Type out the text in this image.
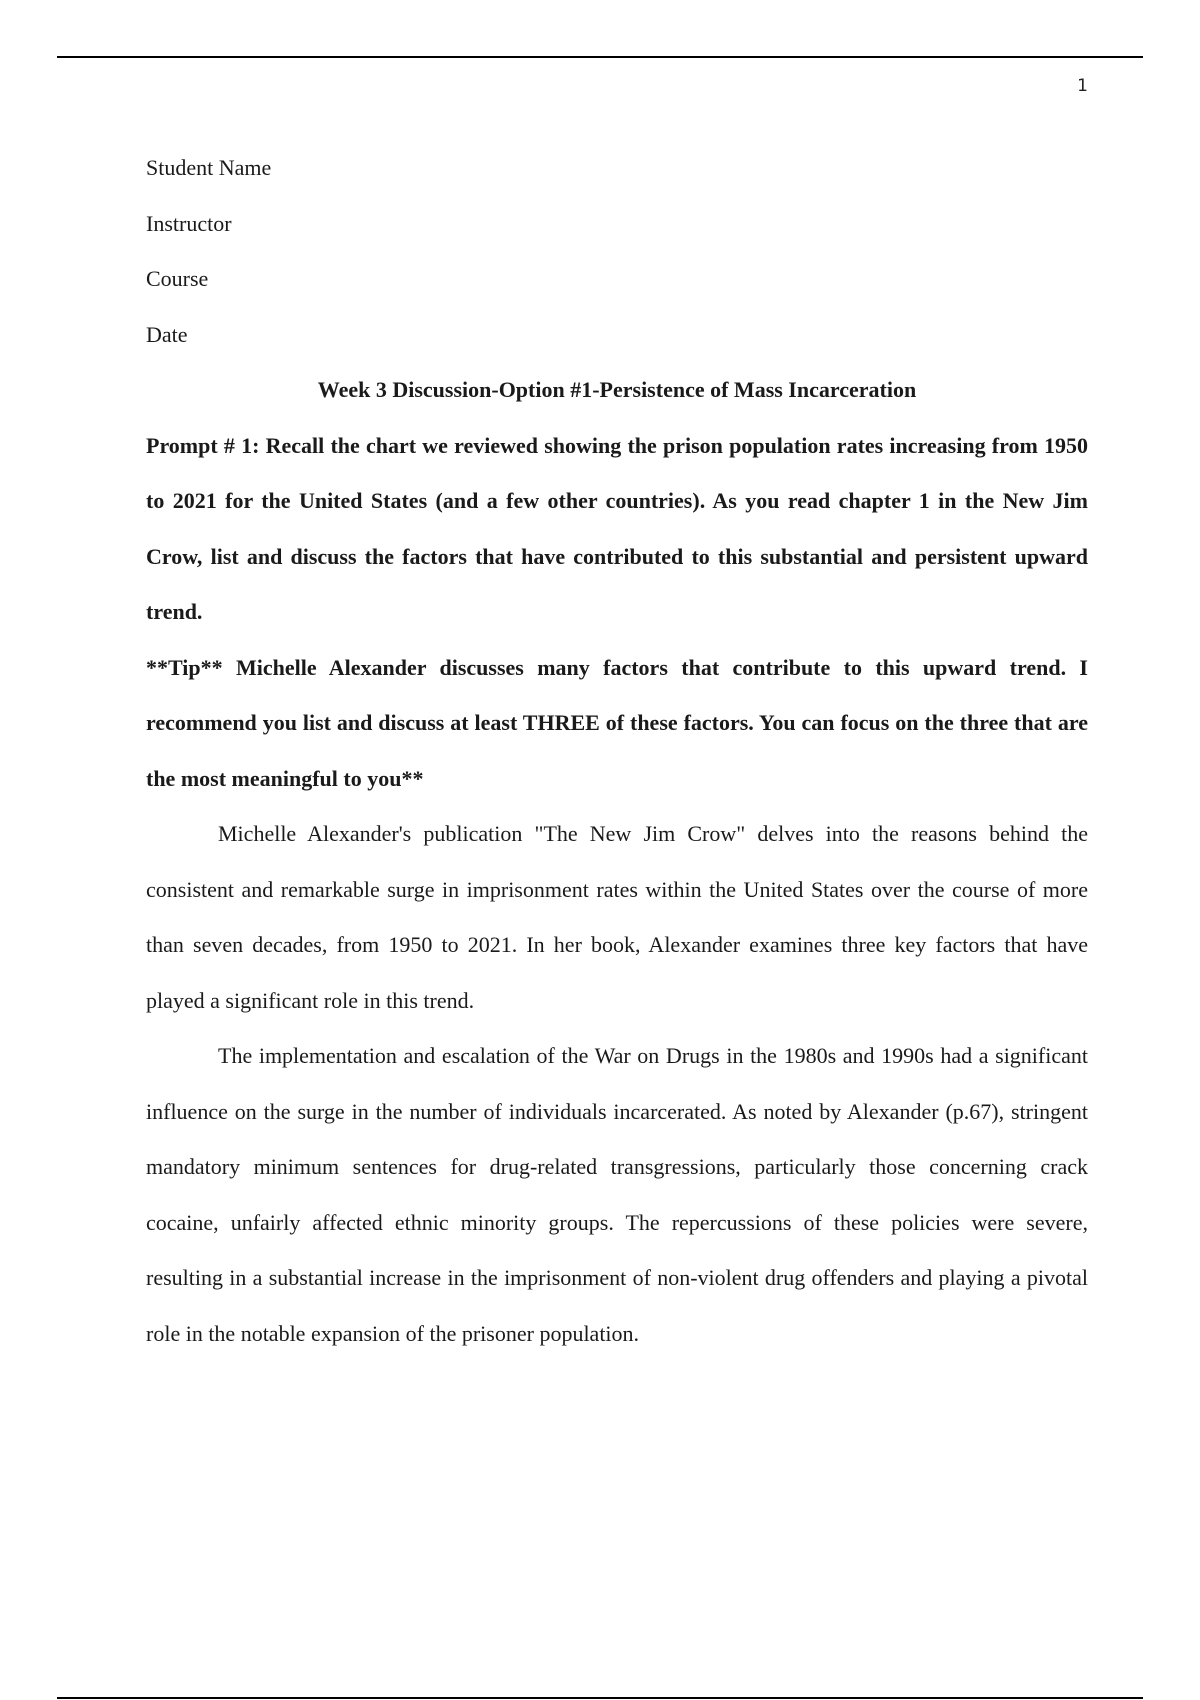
1

Student Name

Instructor

Course

Date

Week 3 Discussion-Option #1-Persistence of Mass Incarceration

Prompt # 1: Recall the chart we reviewed showing the prison population rates increasing from 1950 to 2021 for the United States (and a few other countries). As you read chapter 1 in the New Jim Crow, list and discuss the factors that have contributed to this substantial and persistent upward trend.

**Tip** Michelle Alexander discusses many factors that contribute to this upward trend. I recommend you list and discuss at least THREE of these factors. You can focus on the three that are the most meaningful to you**

Michelle Alexander's publication "The New Jim Crow" delves into the reasons behind the consistent and remarkable surge in imprisonment rates within the United States over the course of more than seven decades, from 1950 to 2021. In her book, Alexander examines three key factors that have played a significant role in this trend.

The implementation and escalation of the War on Drugs in the 1980s and 1990s had a significant influence on the surge in the number of individuals incarcerated. As noted by Alexander (p.67), stringent mandatory minimum sentences for drug-related transgressions, particularly those concerning crack cocaine, unfairly affected ethnic minority groups. The repercussions of these policies were severe, resulting in a substantial increase in the imprisonment of non-violent drug offenders and playing a pivotal role in the notable expansion of the prisoner population.
